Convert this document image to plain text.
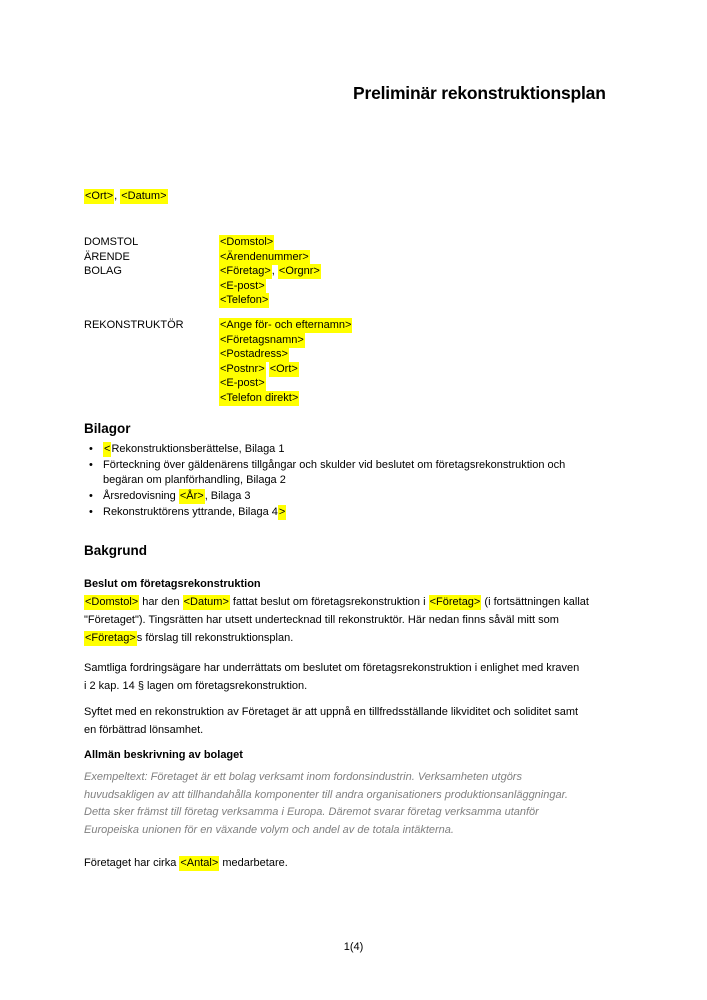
Preliminär rekonstruktionsplan
<Ort>, <Datum>
DOMSTOL
ÄRENDE
BOLAG
<Domstol>
<Ärendenummer>
<Företag>, <Orgnr>
<E-post>
<Telefon>
REKONSTRUKTÖR	<Ange för- och efternamn>
<Företagsnamn>
<Postadress>
<Postnr> <Ort>
<E-post>
<Telefon direkt>
Bilagor
• <Rekonstruktionsberättelse, Bilaga 1
• Förteckning över gäldenärens tillgångar och skulder vid beslutet om företagsrekonstruktion och
begäran om planförhandling, Bilaga 2
• Årsredovisning <År>, Bilaga 3
• Rekonstruktörens yttrande, Bilaga 4>
Bakgrund
Beslut om företagsrekonstruktion

<Domstol> har den <Datum> fattat beslut om företagsrekonstruktion i <Företag> (i fortsättningen kallat
"Företaget"). Tingsrätten har utsett undertecknad till rekonstruktör. Här nedan finns såväl mitt som
<Företag>s förslag till rekonstruktionsplan.

Samtliga fordringsägare har underrättats om beslutet om företagsrekonstruktion i enlighet med kraven
i 2 kap. 14 § lagen om företagsrekonstruktion.

Syftet med en rekonstruktion av Företaget är att uppnå en tillfredsställande likviditet och soliditet samt
en förbättrad lönsamhet.

Allmän beskrivning av bolaget

Exempeltext: Företaget är ett bolag verksamt inom fordonsindustrin. Verksamheten utgörs
huvudsakligen av att tillhandahålla komponenter till andra organisationers produktionsanläggningar.
Detta sker främst till företag verksamma i Europa. Däremot svarar företag verksamma utanför
Europeiska unionen för en växande volym och andel av de totala intäkterna.

Företaget har cirka <Antal> medarbetare.

1(4)
